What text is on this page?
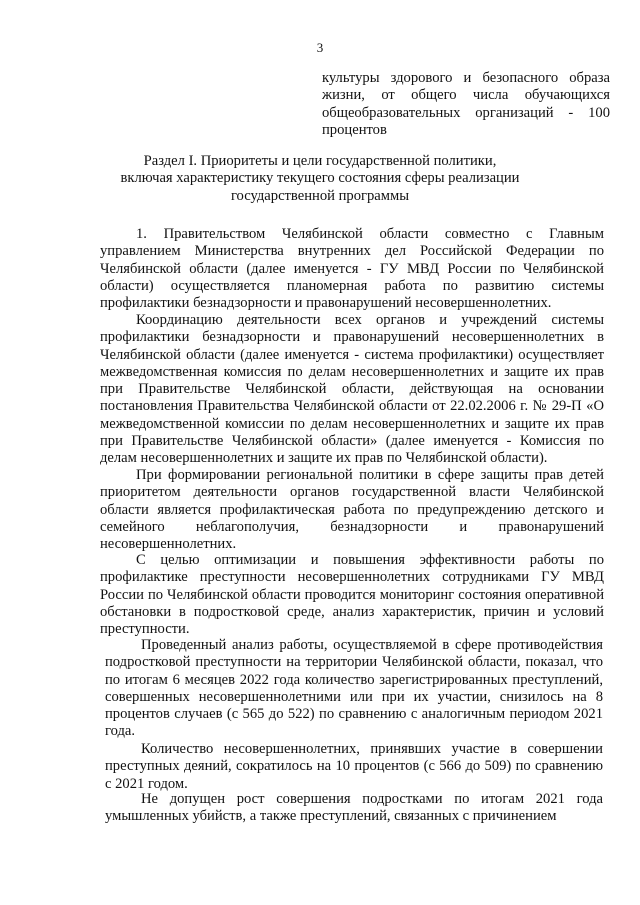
3

культуры здорового и безопасного образа жизни, от общего числа обучающихся общеобразовательных организаций - 100 процентов

Раздел I. Приоритеты и цели государственной политики,
включая характеристику текущего состояния сферы реализации
государственной программы

1. Правительством Челябинской области совместно с Главным управлением Министерства внутренних дел Российской Федерации по Челябинской области (далее именуется - ГУ МВД России по Челябинской области) осуществляется планомерная работа по развитию системы профилактики безнадзорности и правонарушений несовершеннолетних.

Координацию деятельности всех органов и учреждений системы профилактики безнадзорности и правонарушений несовершеннолетних в Челябинской области (далее именуется - система профилактики) осуществляет межведомственная комиссия по делам несовершеннолетних и защите их прав при Правительстве Челябинской области, действующая на основании постановления Правительства Челябинской области от 22.02.2006 г. № 29-П «О межведомственной комиссии по делам несовершеннолетних и защите их прав при Правительстве Челябинской области» (далее именуется - Комиссия по делам несовершеннолетних и защите их прав по Челябинской области).

При формировании региональной политики в сфере защиты прав детей приоритетом деятельности органов государственной власти Челябинской области является профилактическая работа по предупреждению детского и семейного неблагополучия, безнадзорности и правонарушений несовершеннолетних.

С целью оптимизации и повышения эффективности работы по профилактике преступности несовершеннолетних сотрудниками ГУ МВД России по Челябинской области проводится мониторинг состояния оперативной обстановки в подростковой среде, анализ характеристик, причин и условий преступности.

Проведенный анализ работы, осуществляемой в сфере противодействия подростковой преступности на территории Челябинской области, показал, что по итогам 6 месяцев 2022 года количество зарегистрированных преступлений, совершенных несовершеннолетними или при их участии, снизилось на 8 процентов случаев (с 565 до 522) по сравнению с аналогичным периодом 2021 года.

Количество несовершеннолетних, принявших участие в совершении преступных деяний, сократилось на 10 процентов (с 566 до 509) по сравнению с 2021 годом.

Не допущен рост совершения подростками по итогам 2021 года умышленных убийств, а также преступлений, связанных с причинением
